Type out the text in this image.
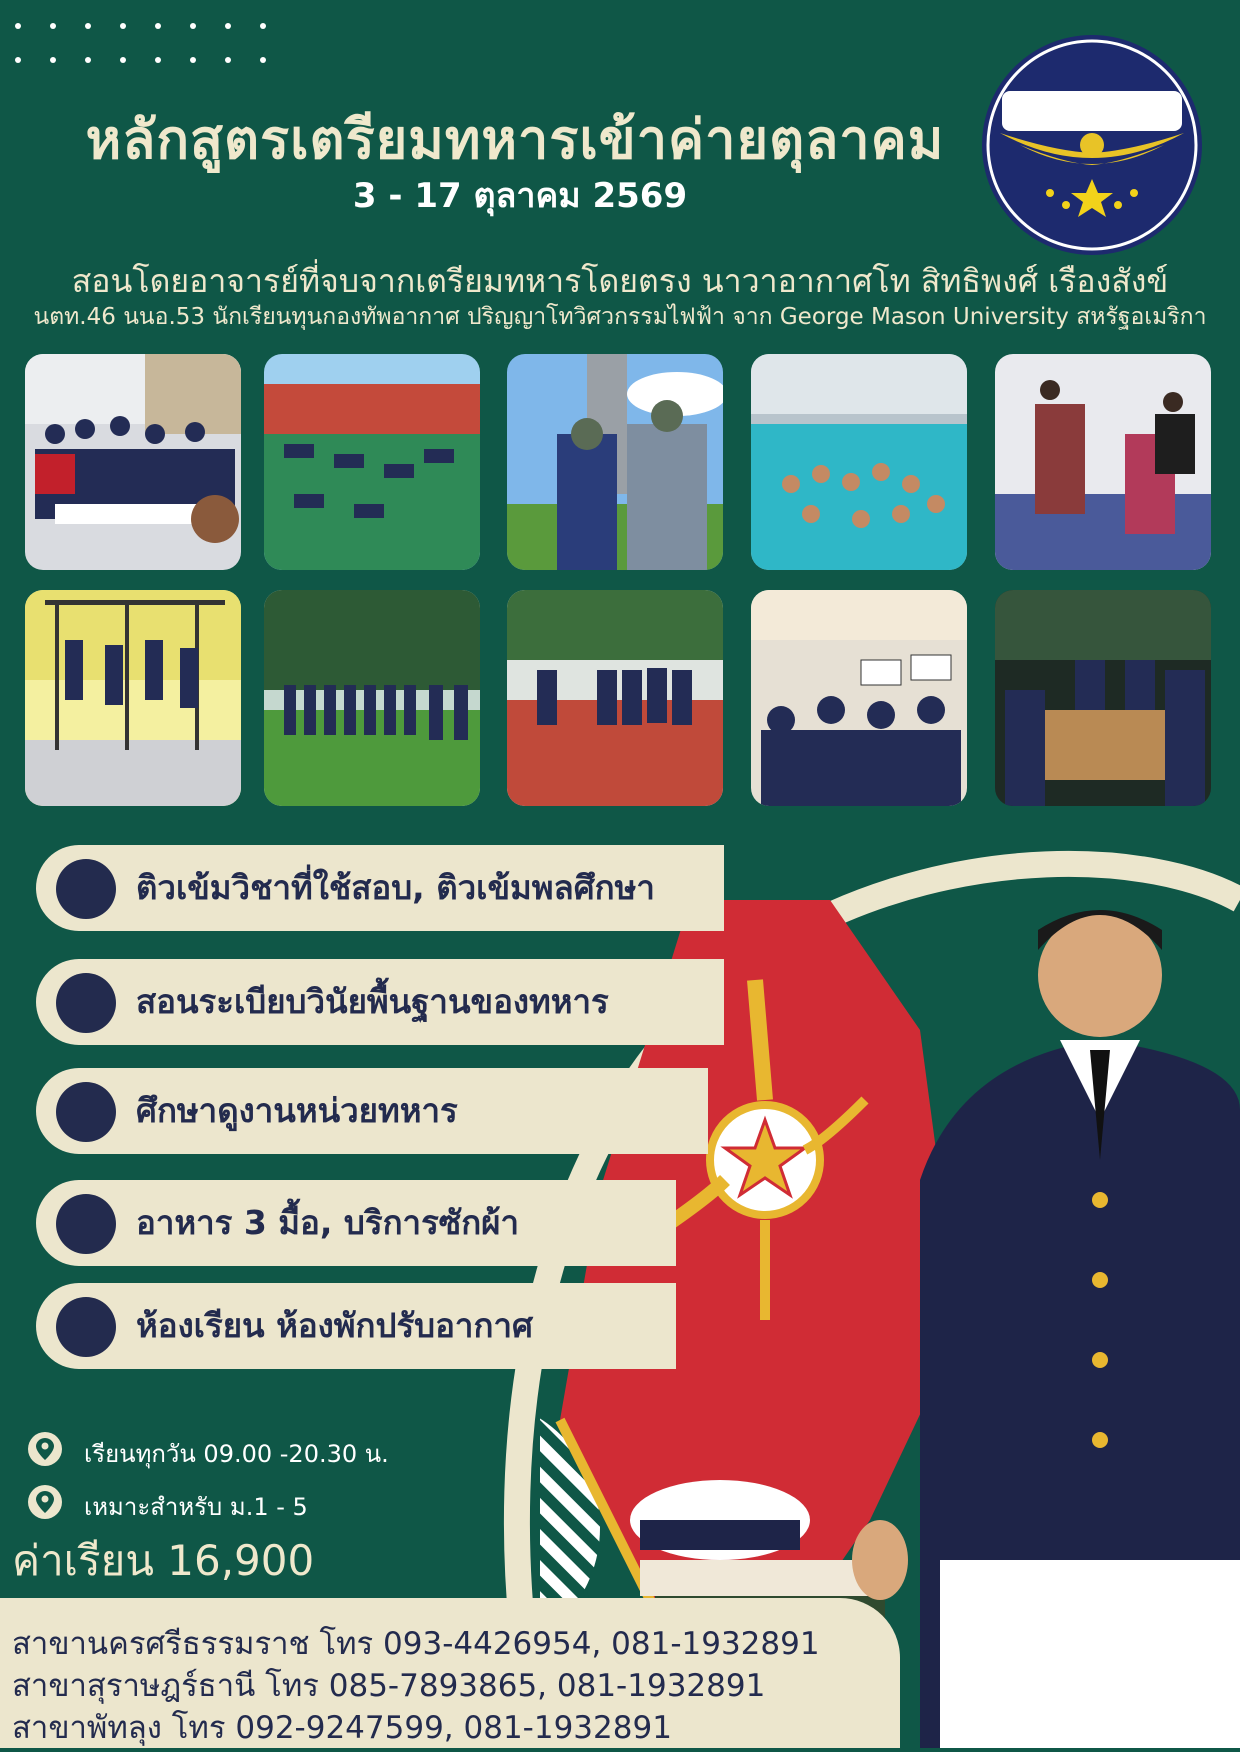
หลักสูตรเตรียมทหารเข้าค่ายตุลาคม
3 - 17 ตุลาคม 2569
สอนโดยอาจารย์ที่จบจากเตรียมทหารโดยตรง นาวาอากาศโท สิทธิพงศ์ เรืองสังข์
นตท.46 นนอ.53 นักเรียนทุนกองทัพอากาศ ปริญญาโทวิศวกรรมไฟฟ้า จาก George Mason University สหรัฐอเมริกา
ติวเข้มวิชาที่ใช้สอบ, ติวเข้มพลศึกษา
สอนระเบียบวินัยพื้นฐานของทหาร
ศึกษาดูงานหน่วยทหาร
อาหาร 3 มื้อ, บริการซักผ้า
ห้องเรียน ห้องพักปรับอากาศ
เรียนทุกวัน 09.00 -20.30 น.
เหมาะสำหรับ ม.1 - 5
ค่าเรียน 16,900
สาขานครศรีธรรมราช โทร 093-4426954, 081-1932891
สาขาสุราษฎร์ธานี โทร 085-7893865, 081-1932891
สาขาพัทลุง โทร 092-9247599, 081-1932891
